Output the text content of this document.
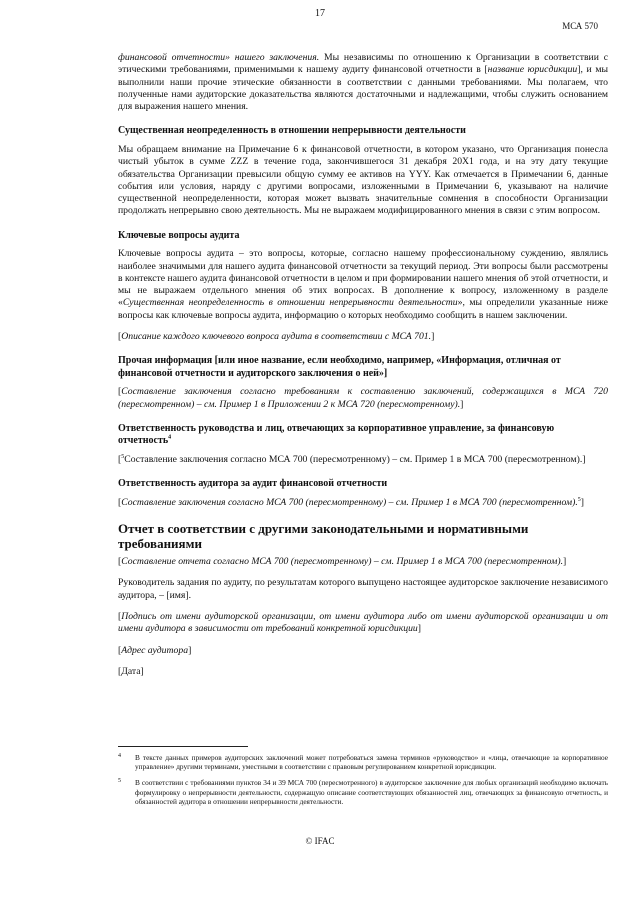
17
МСА 570

финансовой отчетности» нашего заключения. Мы независимы по отношению к Организации в соответствии с этическими требованиями, применимыми к нашему аудиту финансовой отчетности в [название юрисдикции], и мы выполнили наши прочие этические обязанности в соответствии с данными требованиями. Мы полагаем, что полученные нами аудиторские доказательства являются достаточными и надлежащими, чтобы служить основанием для выражения нашего мнения.

Существенная неопределенность в отношении непрерывности деятельности

Мы обращаем внимание на Примечание 6 к финансовой отчетности, в котором указано, что Организация понесла чистый убыток в сумме ZZZ в течение года, закончившегося 31 декабря 20Х1 года, и на эту дату текущие обязательства Организации превысили общую сумму ее активов на YYY. Как отмечается в Примечании 6, данные события или условия, наряду с другими вопросами, изложенными в Примечании 6, указывают на наличие существенной неопределенности, которая может вызвать значительные сомнения в способности Организации продолжать непрерывно свою деятельность. Мы не выражаем модифицированного мнения в связи с этим вопросом.

Ключевые вопросы аудита

Ключевые вопросы аудита – это вопросы, которые, согласно нашему профессиональному суждению, являлись наиболее значимыми для нашего аудита финансовой отчетности за текущий период. Эти вопросы были рассмотрены в контексте нашего аудита финансовой отчетности в целом и при формировании нашего мнения об этой отчетности, и мы не выражаем отдельного мнения об этих вопросах. В дополнение к вопросу, изложенному в разделе «Существенная неопределенность в отношении непрерывности деятельности», мы определили указанные ниже вопросы как ключевые вопросы аудита, информацию о которых необходимо сообщить в нашем заключении.

[Описание каждого ключевого вопроса аудита в соответствии с МСА 701.]

Прочая информация [или иное название, если необходимо, например, «Информация, отличная от финансовой отчетности и аудиторского заключения о ней»]

[Составление заключения согласно требованиям к составлению заключений, содержащихся в МСА 720 (пересмотренном) – см. Пример 1 в Приложении 2 к МСА 720 (пересмотренному).]

Ответственность руководства и лиц, отвечающих за корпоративное управление, за финансовую отчетность$^4$

[$^5$Составление заключения согласно МСА 700 (пересмотренному) – см. Пример 1 в МСА 700 (пересмотренном).]

Ответственность аудитора за аудит финансовой отчетности

[Составление заключения согласно МСА 700 (пересмотренному) – см. Пример 1 в МСА 700 (пересмотренном).$^5$]

Отчет в соответствии с другими законодательными и нормативными требованиями

[Составление отчета согласно МСА 700 (пересмотренному) – см. Пример 1 в МСА 700 (пересмотренном).]

Руководитель задания по аудиту, по результатам которого выпущено настоящее аудиторское заключение независимого аудитора, – [имя].

[Подпись от имени аудиторской организации, от имени аудитора либо от имени аудиторской организации и от имени аудитора в зависимости от требований конкретной юрисдикции]

[Адрес аудитора]

[Дата]

4 В тексте данных примеров аудиторских заключений может потребоваться замена терминов «руководство» и «лица, отвечающие за корпоративное управление» другими терминами, уместными в соответствии с правовым регулированием конкретной юрисдикции.
5 В соответствии с требованиями пунктов 34 и 39 МСА 700 (пересмотренного) в аудиторское заключение для любых организаций необходимо включать формулировку о непрерывности деятельности, содержащую описание соответствующих обязанностей лиц, отвечающих за финансовую отчетность, и обязанностей аудитора в отношении непрерывности деятельности.
© IFAC
